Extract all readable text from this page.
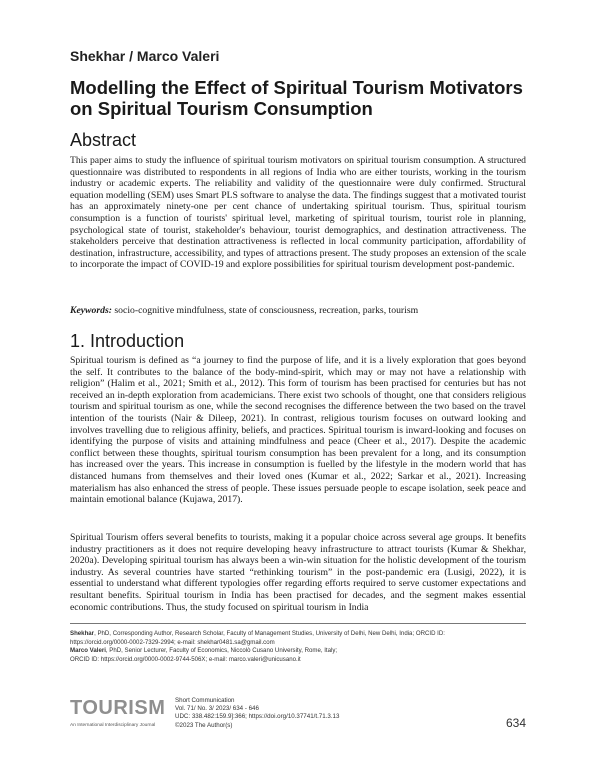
Shekhar / Marco Valeri
Modelling the Effect of Spiritual Tourism Motivators on Spiritual Tourism Consumption
Abstract

This paper aims to study the influence of spiritual tourism motivators on spiritual tourism consumption. A structured questionnaire was distributed to respondents in all regions of India who are either tourists, working in the tourism industry or academic experts. The reliability and validity of the questionnaire were duly confirmed. Structural equation modelling (SEM) uses Smart PLS software to analyse the data. The findings suggest that a motivated tourist has an approximately ninety-one per cent chance of undertaking spiritual tourism. Thus, spiritual tourism consumption is a function of tourists' spiritual level, marketing of spiritual tourism, tourist role in planning, psychological state of tourist, stakeholder's behaviour, tourist demographics, and destination attractiveness. The stakeholders perceive that destination attractiveness is reflected in local community participation, affordability of destination, infrastructure, accessibility, and types of attractions present. The study proposes an extension of the scale to incorporate the impact of COVID-19 and explore possibilities for spiritual tourism development post-pandemic.

Keywords: socio-cognitive mindfulness, state of consciousness, recreation, parks, tourism

1. Introduction

Spiritual tourism is defined as “a journey to find the purpose of life, and it is a lively exploration that goes beyond the self. It contributes to the balance of the body-mind-spirit, which may or may not have a relationship with religion” (Halim et al., 2021; Smith et al., 2012). This form of tourism has been practised for centuries but has not received an in-depth exploration from academicians. There exist two schools of thought, one that considers religious tourism and spiritual tourism as one, while the second recognises the difference between the two based on the travel intention of the tourists (Nair & Dileep, 2021). In contrast, religious tourism focuses on outward looking and involves travelling due to religious affinity, beliefs, and practices. Spiritual tourism is inward-looking and focuses on identifying the purpose of visits and attaining mindfulness and peace (Cheer et al., 2017). Despite the academic conflict between these thoughts, spiritual tourism consumption has been prevalent for a long, and its consumption has increased over the years. This increase in consumption is fuelled by the lifestyle in the modern world that has distanced humans from themselves and their loved ones (Kumar et al., 2022; Sarkar et al., 2021). Increasing materialism has also enhanced the stress of people. These issues persuade people to escape isolation, seek peace and maintain emotional balance (Kujawa, 2017).

Spiritual Tourism offers several benefits to tourists, making it a popular choice across several age groups. It benefits industry practitioners as it does not require developing heavy infrastructure to attract tourists (Kumar & Shekhar, 2020a). Developing spiritual tourism has always been a win-win situation for the holistic development of the tourism industry. As several countries have started “rethinking tourism” in the post-pandemic era (Lusigi, 2022), it is essential to understand what different typologies offer regarding efforts required to serve customer expectations and resultant benefits. Spiritual tourism in India has been practised for decades, and the segment makes essential economic contributions. Thus, the study focused on spiritual tourism in India

Shekhar, PhD, Corresponding Author, Research Scholar, Faculty of Management Studies, University of Delhi, New Delhi, India; ORCID ID:
https://orcid.org/0000-0002-7329-2994; e-mail: shekhar0481.sa@gmail.com
Marco Valeri, PhD, Senior Lecturer, Faculty of Economics, Niccolò Cusano University, Rome, Italy;
ORCID ID: https://orcid.org/0000-0002-9744-506X; e-mail: marco.valeri@unicusano.it
TOURISM
An International Interdisciplinary Journal
Short Communication
Vol. 71/ No. 3/ 2023/ 634 - 646
UDC: 338.482:159.9]:366; https://doi.org/10.37741/t.71.3.13
©2023 The Author(s)	634
